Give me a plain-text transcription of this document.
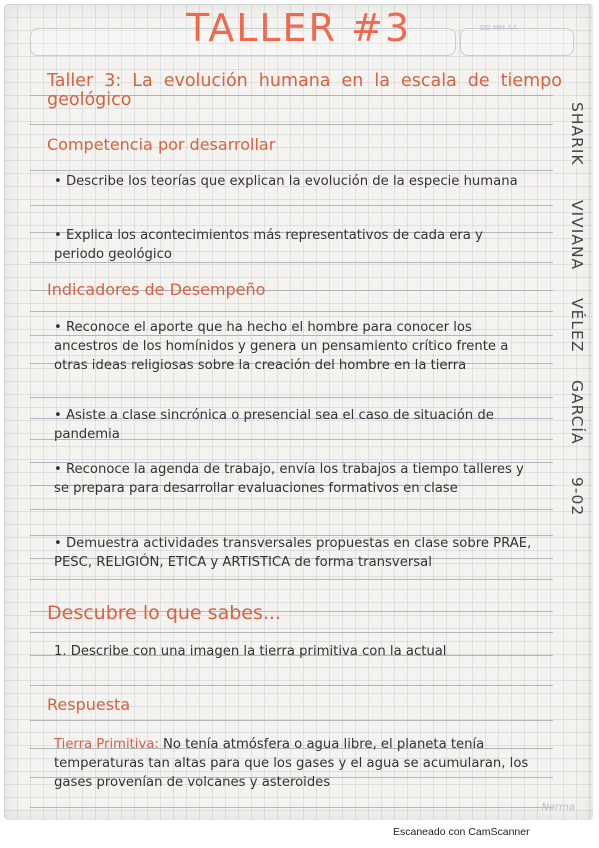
DD MM AA
TALLER #3
Taller 3: La evolución humana en la escala de tiempo geológico
Competencia por desarrollar
• Describe los teorías que explican la evolución de la especie humana
• Explica los acontecimientos más representativos de cada era y periodo geológico
Indicadores de Desempeño
• Reconoce el aporte que ha hecho el hombre para conocer los ancestros de los homínidos y genera un pensamiento crítico frente a otras ideas religiosas sobre la creación del hombre en la tierra
• Asiste a clase sincrónica o presencial sea el caso de situación de pandemia
• Reconoce la agenda de trabajo, envía los trabajos a tiempo talleres y se prepara para desarrollar evaluaciones formativos en clase
• Demuestra actividades transversales propuestas en clase sobre PRAE, PESC, RELIGIÓN, ETICA y ARTISTICA de forma transversal
Descubre lo que sabes...
1. Describe con una imagen la tierra primitiva con la actual
Respuesta
Tierra Primitiva: No tenía atmósfera o agua libre, el planeta tenía temperaturas tan altas para que los gases y el agua se acumularan, los gases provenían de volcanes y asteroides
SHARIK VIVIANA VÉLEZ GARCÍA 9-02
Norma
Escaneado con CamScanner
